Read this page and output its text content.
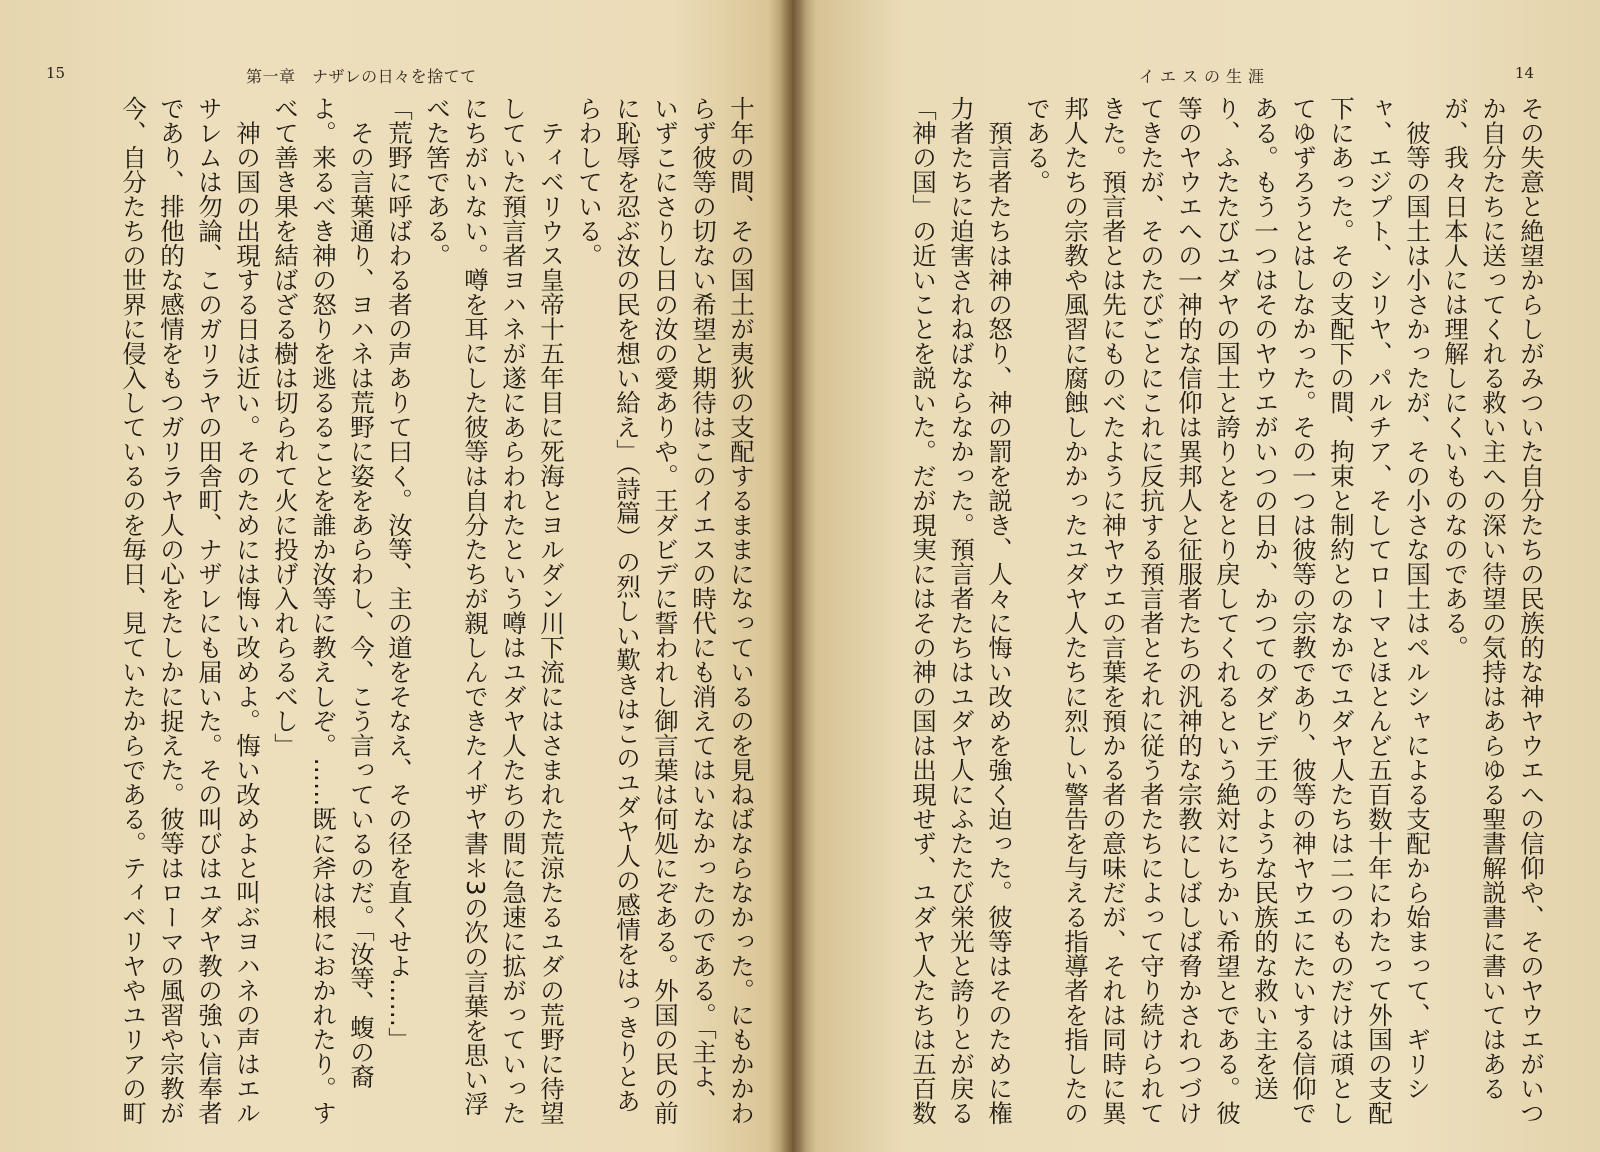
15	第一章　ナザレの日々を捨てて

十年の間、その国土が夷狄の支配するままになっているのを見ねばならなかった。にもかかわらず彼等の切ない希望と期待はこのイエスの時代にも消えてはいなかったのである。「主よ、いずこにさりし日の汝の愛ありや。王ダビデに誓われし御言葉は何処にぞある。外国の民の前に恥辱を忍ぶ汝の民を想い給え」（詩篇）の烈しい歎きはこのユダヤ人の感情をはっきりとあらわしている。

　ティベリウス皇帝十五年目に死海とヨルダン川下流にはさまれた荒涼たるユダの荒野に待望していた預言者ヨハネが遂にあらわれたという噂はユダヤ人たちの間に急速に拡がっていったにちがいない。噂を耳にした彼等は自分たちが親しんできたイザヤ書＊3の次の言葉を思い浮べた筈である。

「荒野に呼ばわる者の声ありて曰く。汝等、主の道をそなえ、その径を直くせよ……」

　その言葉通り、ヨハネは荒野に姿をあらわし、今、こう言っているのだ。「汝等、蝮の裔よ。来るべき神の怒りを逃るることを誰か汝等に教えしぞ。……既に斧は根におかれたり。すべて善き果を結ばざる樹は切られて火に投げ入れらるべし」

　神の国の出現する日は近い。そのためには悔い改めよ。悔い改めよと叫ぶヨハネの声はエルサレムは勿論、このガリラヤの田舎町、ナザレにも届いた。その叫びはユダヤ教の強い信奉者であり、排他的な感情をもつガリラヤ人の心をたしかに捉えた。彼等はローマの風習や宗教が今、自分たちの世界に侵入しているのを毎日、見ていたからである。ティベリヤやユリアの町

14
イエスの生涯

その失意と絶望からしがみついた自分たちの民族的な神ヤウエへの信仰や、そのヤウエがいつか自分たちに送ってくれる救い主への深い待望の気持はあらゆる聖書解説書に書いてはあるが、我々日本人には理解しにくいものなのである。

　彼等の国土は小さかったが、その小さな国土はペルシャによる支配から始まって、ギリシャ、エジプト、シリヤ、パルチア、そしてローマとほとんど五百数十年にわたって外国の支配下にあった。その支配下の間、拘束と制約とのなかでユダヤ人たちは二つのものだけは頑としてゆずろうとはしなかった。その一つは彼等の宗教であり、彼等の神ヤウエにたいする信仰である。もう一つはそのヤウエがいつの日か、かつてのダビデ王のような民族的な救い主を送り、ふたたびユダヤの国土と誇りとをとり戻してくれるという絶対にちかい希望とである。彼等のヤウエへの一神的な信仰は異邦人と征服者たちの汎神的な宗教にしばしば脅かされつづけてきたが、そのたびごとにこれに反抗する預言者とそれに従う者たちによって守り続けられてきた。預言者とは先にものべたように神ヤウエの言葉を預かる者の意味だが、それは同時に異邦人たちの宗教や風習に腐蝕しかかったユダヤ人たちに烈しい警告を与える指導者を指したのである。

　預言者たちは神の怒り、神の罰を説き、人々に悔い改めを強く迫った。彼等はそのために権力者たちに迫害されねばならなかった。預言者たちはユダヤ人にふたたび栄光と誇りとが戻る「神の国」の近いことを説いた。だが現実にはその神の国は出現せず、ユダヤ人たちは五百数
